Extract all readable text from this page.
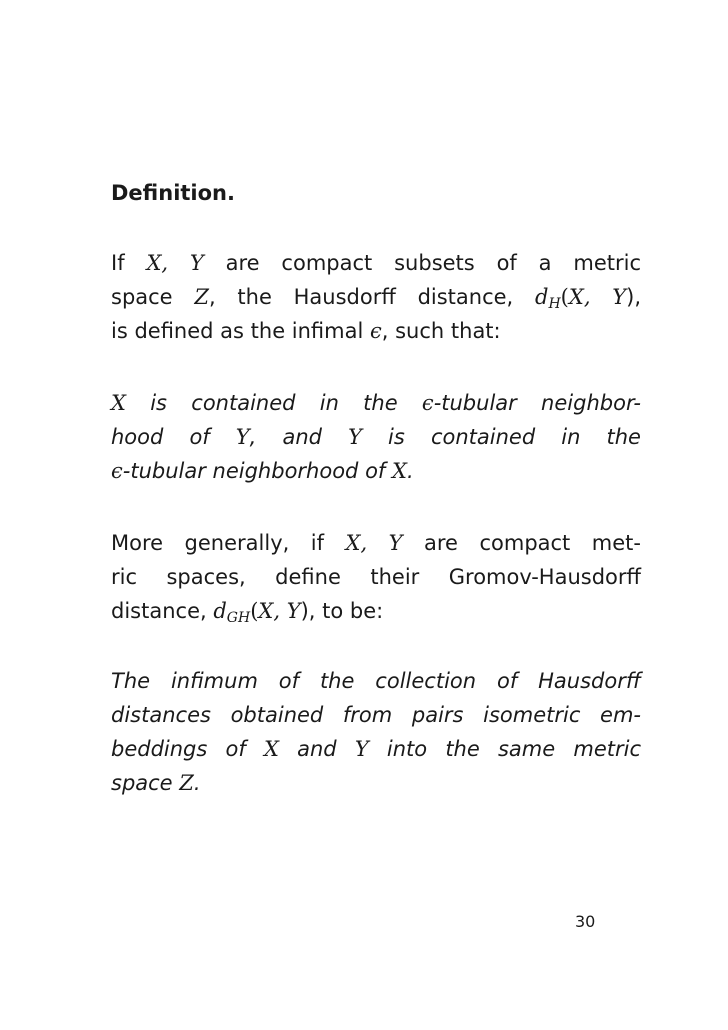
Definition.
If X, Y are compact subsets of a metric
space Z, the Hausdorff distance, $d_H(X$, Y),
is defined as the infimal ϵ, such that:
X is contained in the ϵ-tubular neighbor-
hood of Y, and Y is contained in the
ϵ-tubular neighborhood of X.
More generally, if X, Y are compact met-
ric spaces, define their Gromov-Hausdorff
distance, $d_{GH}(X$, Y), to be:
The infimum of the collection of Hausdorff
distances obtained from pairs isometric em-
beddings of X and Y into the same metric
space Z.
30
